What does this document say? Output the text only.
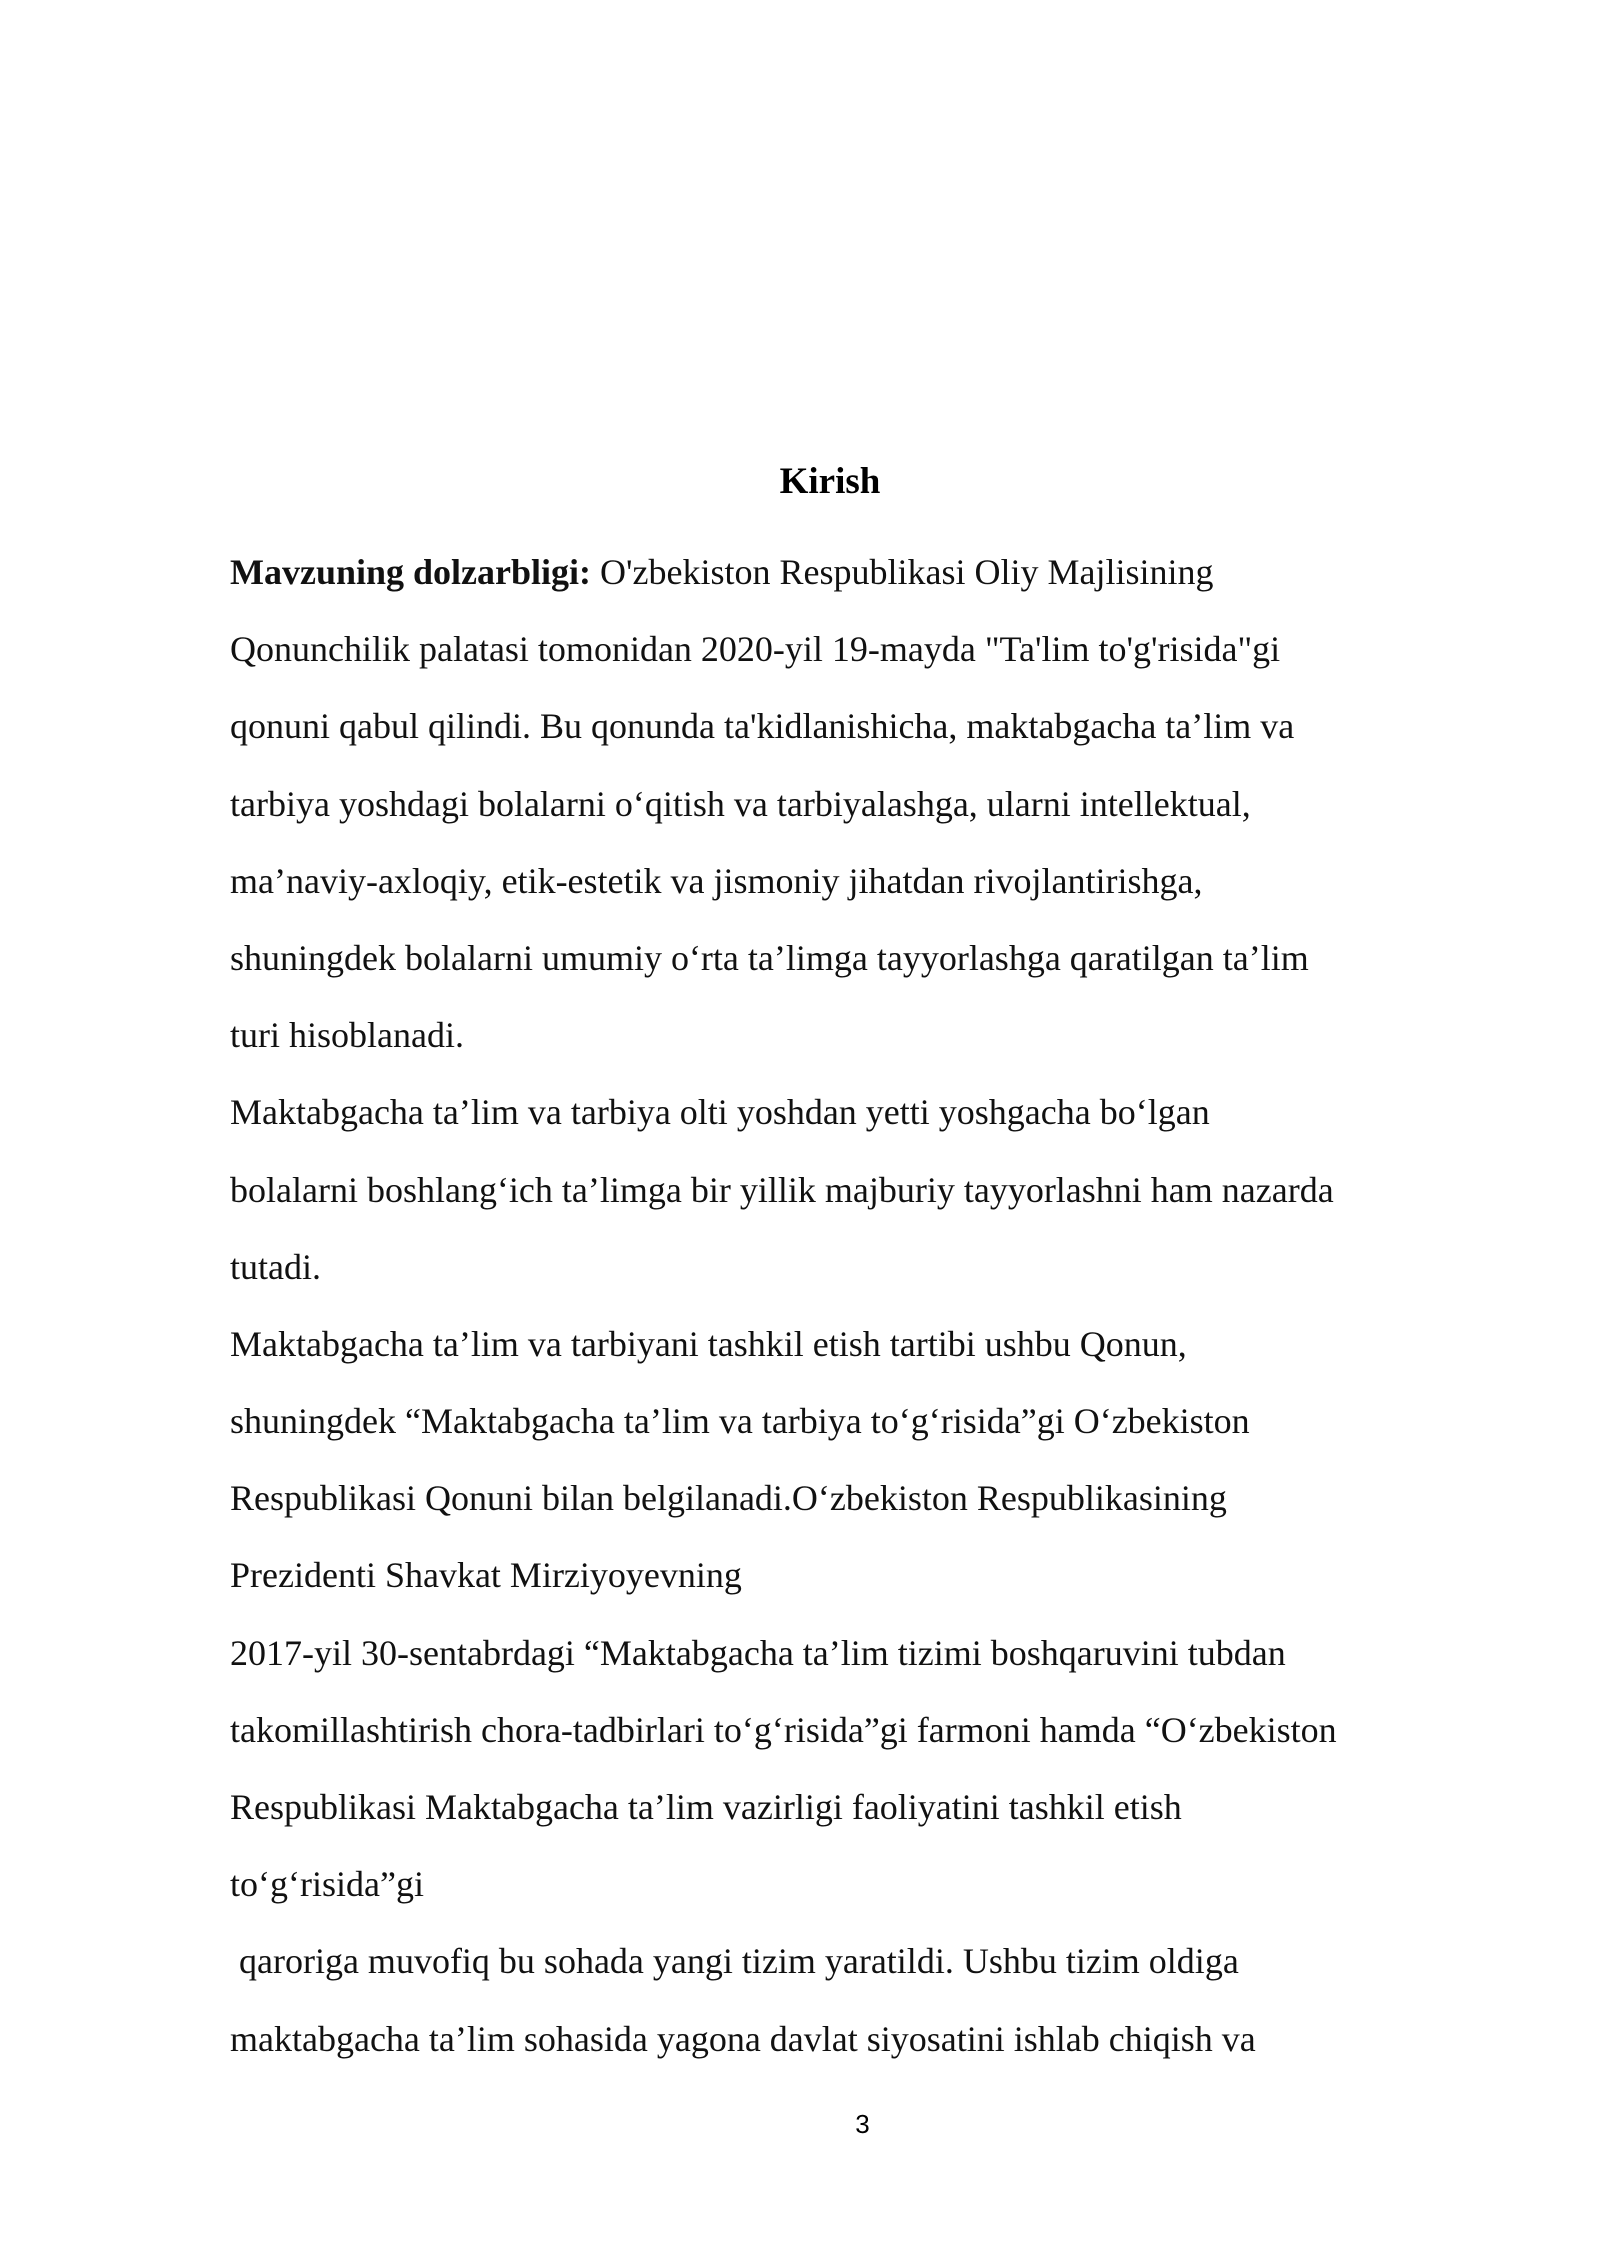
Kirish
Mavzuning dolzarbligi: O'zbekiston Respublikasi Oliy Majlisining
Qonunchilik palatasi tomonidan 2020-yil 19-mayda "Ta'lim to'g'risida"gi
qonuni qabul qilindi. Bu qonunda ta'kidlanishicha, maktabgacha ta’lim va
tarbiya yoshdagi bolalarni o‘qitish va tarbiyalashga, ularni intellektual,
ma’naviy-axloqiy, etik-estetik va jismoniy jihatdan rivojlantirishga,
shuningdek bolalarni umumiy o‘rta ta’limga tayyorlashga qaratilgan ta’lim
turi hisoblanadi.
Maktabgacha ta’lim va tarbiya olti yoshdan yetti yoshgacha bo‘lgan
bolalarni boshlang‘ich ta’limga bir yillik majburiy tayyorlashni ham nazarda
tutadi.
Maktabgacha ta’lim va tarbiyani tashkil etish tartibi ushbu Qonun,
shuningdek “Maktabgacha ta’lim va tarbiya to‘g‘risida”gi O‘zbekiston
Respublikasi Qonuni bilan belgilanadi.O‘zbekiston Respublikasining
Prezidenti Shavkat Mirziyoyevning
2017-yil 30-sentabrdagi “Maktabgacha ta’lim tizimi boshqaruvini tubdan
takomillashtirish chora-tadbirlari to‘g‘risida”gi farmoni hamda “O‘zbekiston
Respublikasi Maktabgacha ta’lim vazirligi faoliyatini tashkil etish
to‘g‘risida”gi
qaroriga muvofiq bu sohada yangi tizim yaratildi. Ushbu tizim oldiga
maktabgacha ta’lim sohasida yagona davlat siyosatini ishlab chiqish va
3
